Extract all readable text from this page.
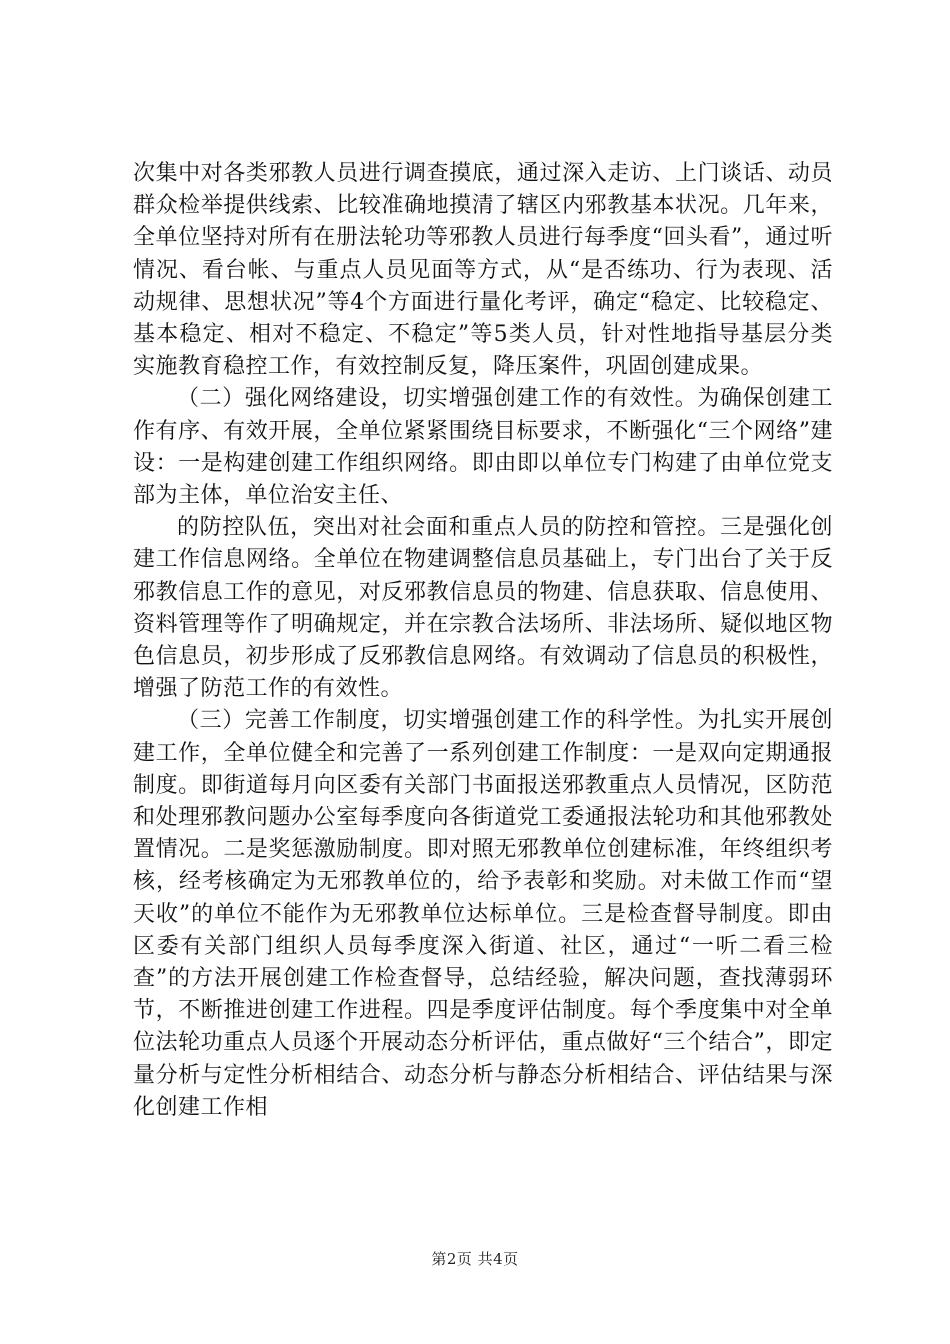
次集中对各类邪教人员进行调查摸底，通过深入走访、上门谈话、动员群众检举提供线索、比较准确地摸清了辖区内邪教基本状况。几年来，全单位坚持对所有在册法轮功等邪教人员进行每季度“回头看”，通过听情况、看台帐、与重点人员见面等方式，从“是否练功、行为表现、活动规律、思想状况”等4个方面进行量化考评，确定“稳定、比较稳定、基本稳定、相对不稳定、不稳定”等5类人员，针对性地指导基层分类实施教育稳控工作，有效控制反复，降压案件，巩固创建成果。

（二）强化网络建设，切实增强创建工作的有效性。为确保创建工作有序、有效开展，全单位紧紧围绕目标要求，不断强化“三个网络”建设：一是构建创建工作组织网络。即由即以单位专门构建了由单位党支部为主体，单位治安主任、

的防控队伍，突出对社会面和重点人员的防控和管控。三是强化创建工作信息网络。全单位在物建调整信息员基础上，专门出台了关于反邪教信息工作的意见，对反邪教信息员的物建、信息获取、信息使用、资料管理等作了明确规定，并在宗教合法场所、非法场所、疑似地区物色信息员，初步形成了反邪教信息网络。有效调动了信息员的积极性，增强了防范工作的有效性。

（三）完善工作制度，切实增强创建工作的科学性。为扎实开展创建工作，全单位健全和完善了一系列创建工作制度：一是双向定期通报制度。即街道每月向区委有关部门书面报送邪教重点人员情况，区防范和处理邪教问题办公室每季度向各街道党工委通报法轮功和其他邪教处置情况。二是奖惩激励制度。即对照无邪教单位创建标准，年终组织考核，经考核确定为无邪教单位的，给予表彰和奖励。对未做工作而“望天收”的单位不能作为无邪教单位达标单位。三是检查督导制度。即由区委有关部门组织人员每季度深入街道、社区，通过“一听二看三检查”的方法开展创建工作检查督导，总结经验，解决问题，查找薄弱环节，不断推进创建工作进程。四是季度评估制度。每个季度集中对全单位法轮功重点人员逐个开展动态分析评估，重点做好“三个结合”，即定量分析与定性分析相结合、动态分析与静态分析相结合、评估结果与深化创建工作相

第2页 共4页
